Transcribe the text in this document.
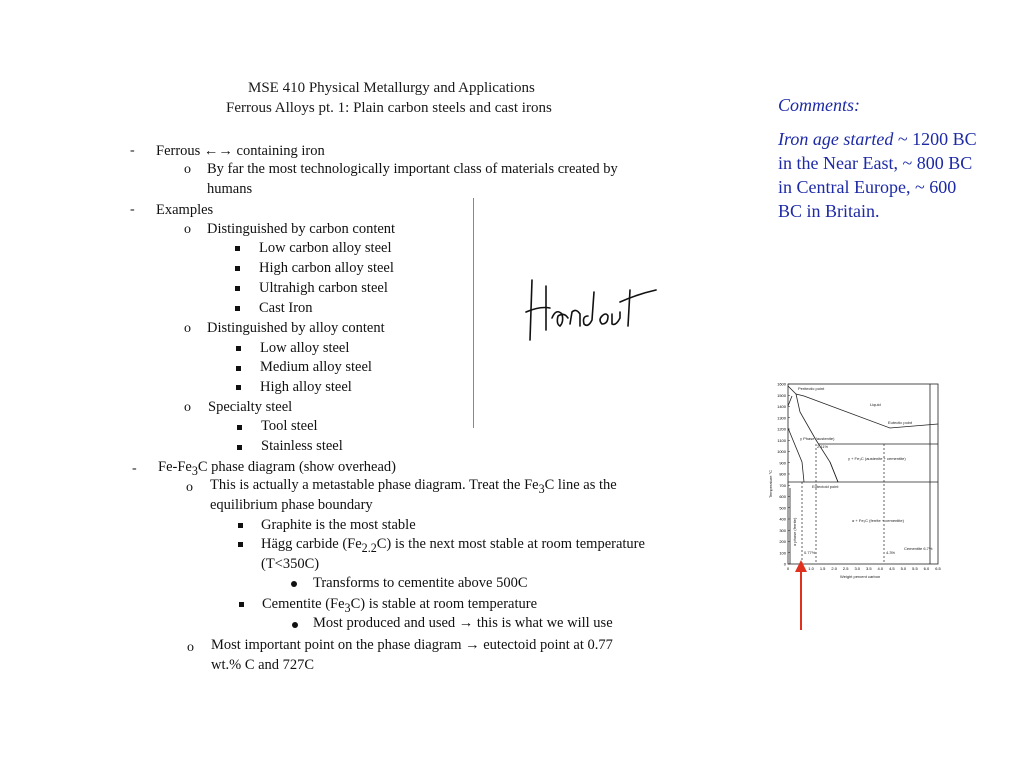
MSE 410 Physical Metallurgy and Applications
Ferrous Alloys pt. 1: Plain carbon steels and cast irons
- Ferrous ←→ containing iron
o By far the most technologically important class of materials created by
humans
- Examples
o Distinguished by carbon content
Low carbon alloy steel
High carbon alloy steel
Ultrahigh carbon steel
Cast Iron
o Distinguished by alloy content
Low alloy steel
Medium alloy steel
High alloy steel
o Specialty steel
Tool steel
Stainless steel
- $Fe-Fe_3C$ phase diagram (show overhead)
o This is actually a metastable phase diagram. Treat the $Fe_3C$ line as the
equilibrium phase boundary
Graphite is the most stable
Hägg carbide $(Fe_{2.2}C)$ is the next most stable at room temperature
(T<350C)
Transforms to cementite above 500C
Cementite $(Fe_3C)$ is stable at room temperature
Most produced and used → this is what we will use
o Most important point on the phase diagram → eutectoid point at 0.77
wt.% C and 727C

Comments:

Iron age started ~ 1200 BC in the Near East, ~ 800 BC in Central Europe, ~ 600 BC in Britain.

1600
1500
1400
1300
1200
1100
1000
900
800
700
600
500
400
300
200
100
0
0	1.0 1.5 2.0 2.5 3.0 3.5 4.0 4.5 5.0 5.5 6.0 6.5
Peritectic point
Liquid
Eutectic point
γ Phase (austenite)
γ + Fe₃C (austenite + cementite)
Eutectoid point
α + Fe₃C (ferrite + cementite)
Cementite 6.7%
0.77%	4.3%
2.11%
α phase (ferrite)
Temperature °C
Weight percent carbon
